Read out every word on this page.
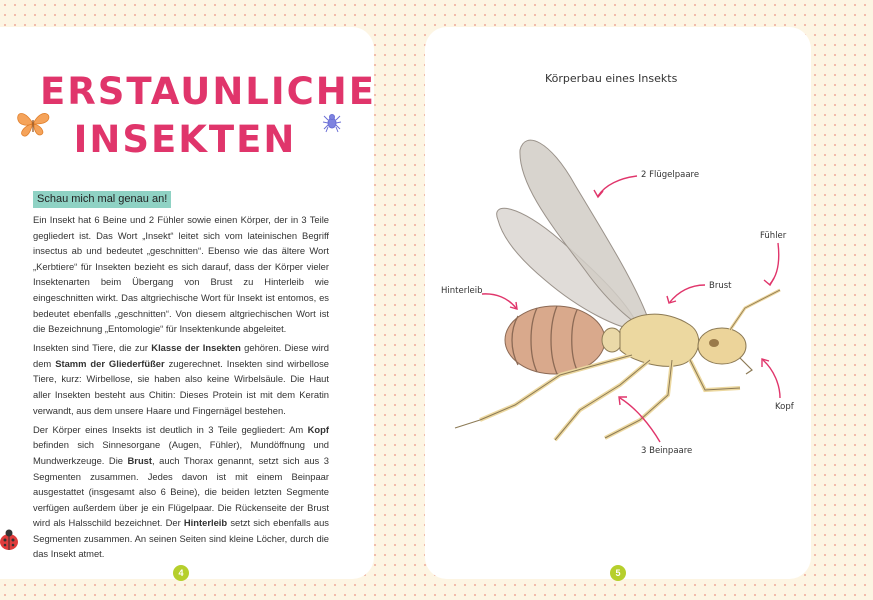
ERSTAUNLICHE
INSEKTEN
Schau mich mal genau an!

Ein Insekt hat 6 Beine und 2 Fühler sowie einen Körper, der in 3 Teile gegliedert ist. Das Wort „Insekt“ leitet sich vom lateinischen Begriff insectus ab und bedeutet „geschnitten“. Ebenso wie das ältere Wort „Kerbtiere“ für Insekten bezieht es sich darauf, dass der Körper vieler Insektenarten beim Übergang von Brust zu Hinterleib wie eingeschnitten wirkt. Das altgriechische Wort für Insekt ist entomos, es bedeutet ebenfalls „geschnitten“. Von diesem altgriechischen Wort ist die Bezeichnung „Entomologie“ für Insektenkunde abgeleitet.

Insekten sind Tiere, die zur Klasse der Insekten gehören. Diese wird dem Stamm der Gliederfüßer zugerechnet. Insekten sind wirbellose Tiere, kurz: Wirbellose, sie haben also keine Wirbelsäule. Die Haut aller Insekten besteht aus Chitin: Dieses Protein ist mit dem Keratin verwandt, aus dem unsere Haare und Fingernägel bestehen.

Der Körper eines Insekts ist deutlich in 3 Teile gegliedert: Am Kopf befinden sich Sinnesorgane (Augen, Fühler), Mundöffnung und Mundwerkzeuge. Die Brust, auch Thorax genannt, setzt sich aus 3 Segmenten zusammen. Jedes davon ist mit einem Beinpaar ausgestattet (insgesamt also 6 Beine), die beiden letzten Segmente verfügen außerdem über je ein Flügelpaar. Die Rückenseite der Brust wird als Halsschild bezeichnet. Der Hinterleib setzt sich ebenfalls aus Segmenten zusammen. An seinen Seiten sind kleine Löcher, durch die das Insekt atmet.

4
Körperbau eines Insekts
2 Flügelpaare
Fühler
Hinterleib	Brust
Kopf
3 Beinpaare
5
